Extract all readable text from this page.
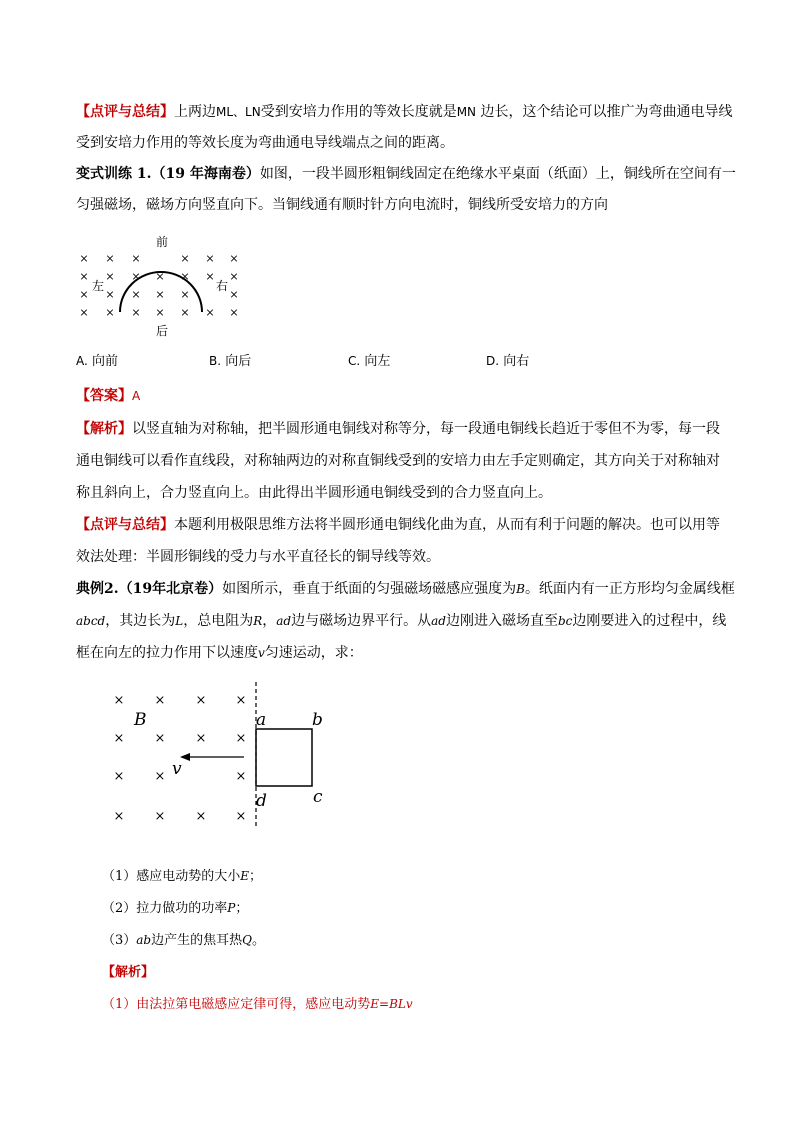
【点评与总结】上两边ML、LN受到安培力作用的等效长度就是MN 边长，这个结论可以推广为弯曲通电导线

受到安培力作用的等效长度为弯曲通电导线端点之间的距离。

变式训练 1.（19 年海南卷）如图，一段半圆形粗铜线固定在绝缘水平桌面（纸面）上，铜线所在空间有一

匀强磁场，磁场方向竖直向下。当铜线通有顺时针方向电流时，铜线所受安培力的方向

× × ×	× × ×
× × × × × × ×
× × × × ×	×
× × × × × × ×
前
后
左	右
A. 向前	B. 向后	C. 向左	D. 向右

【答案】A

【解析】以竖直轴为对称轴，把半圆形通电铜线对称等分，每一段通电铜线长趋近于零但不为零，每一段

通电铜线可以看作直线段，对称轴两边的对称直铜线受到的安培力由左手定则确定，其方向关于对称轴对

称且斜向上，合力竖直向上。由此得出半圆形通电铜线受到的合力竖直向上。

【点评与总结】本题利用极限思维方法将半圆形通电铜线化曲为直，从而有利于问题的解决。也可以用等

效法处理：半圆形铜线的受力与水平直径长的铜导线等效。

典例2.（19年北京卷）如图所示，垂直于纸面的匀强磁场磁感应强度为B。纸面内有一正方形均匀金属线框

abcd，其边长为L，总电阻为R，ad边与磁场边界平行。从ad边刚进入磁场直至bc边刚要进入的过程中，线

框在向左的拉力作用下以速度v匀速运动，求：

× × × ×
× × × ×
× ×	×
× × × ×
B
v
a	b
c
d
（1）感应电动势的大小E；
（2）拉力做功的功率P；
（3）ab边产生的焦耳热Q。
【解析】
（1）由法拉第电磁感应定律可得，感应电动势E=BLv
